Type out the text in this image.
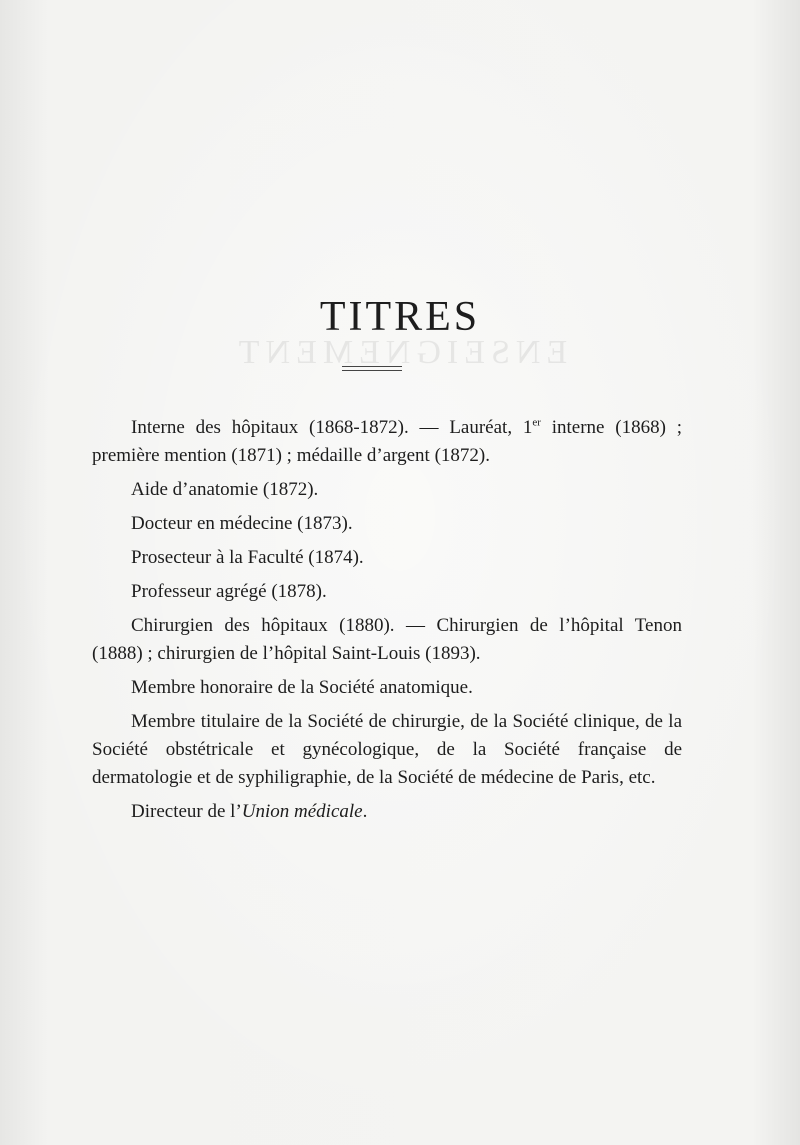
ENSEIGNEMENT
TITRES

Interne des hôpitaux (1868-1872). — Lauréat, 1er interne (1868) ; première mention (1871) ; médaille d’argent (1872).

Aide d’anatomie (1872).

Docteur en médecine (1873).

Prosecteur à la Faculté (1874).

Professeur agrégé (1878).

Chirurgien des hôpitaux (1880). — Chirurgien de l’hôpital Tenon (1888) ; chirurgien de l’hôpital Saint-Louis (1893).

Membre honoraire de la Société anatomique.

Membre titulaire de la Société de chirurgie, de la Société clinique, de la Société obstétricale et gynécologique, de la Société française de dermatologie et de syphiligraphie, de la Société de médecine de Paris, etc.

Directeur de l’Union médicale.
